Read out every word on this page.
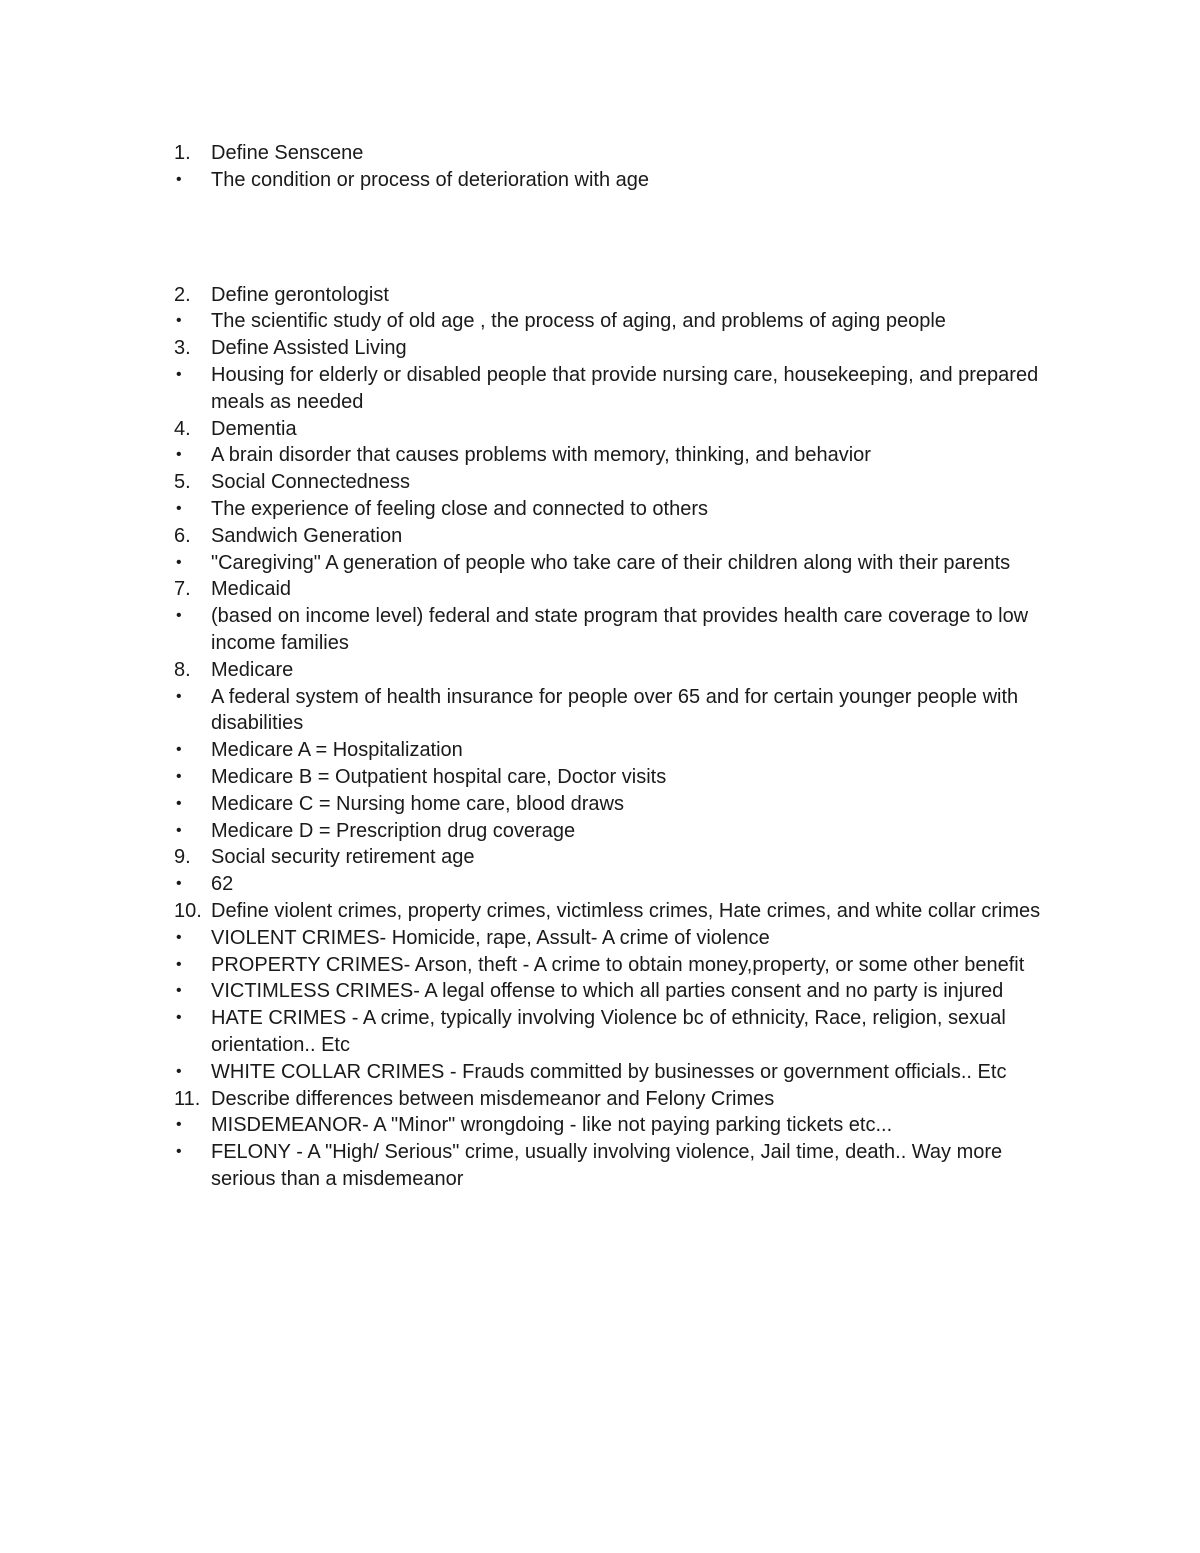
1.	Define Senscene
•	The condition or process of deterioration with age
2.	Define gerontologist
•	The scientific study of old age , the process of aging, and problems of aging people
3.	Define Assisted Living
•	Housing for elderly or disabled people that provide nursing care, housekeeping, and prepared meals as needed
4.	Dementia
•	A brain disorder that causes problems with memory, thinking, and behavior
5.	Social Connectedness
•	The experience of feeling close and connected to others
6.	Sandwich Generation
•	"Caregiving" A generation of people who take care of their children along with their parents
7.	Medicaid
•	(based on income level) federal and state program that provides health care coverage to low income families
8.	Medicare
•	A federal system of health insurance for people over 65 and for certain younger people with disabilities
•	Medicare A = Hospitalization
•	Medicare B = Outpatient hospital care, Doctor visits
•	Medicare C = Nursing home care, blood draws
•	Medicare D = Prescription drug coverage
9.	Social security retirement age
•	62
10. Define violent crimes, property crimes, victimless crimes, Hate crimes, and white collar crimes
•	VIOLENT CRIMES- Homicide, rape, Assult- A crime of violence
•	PROPERTY CRIMES- Arson, theft - A crime to obtain money,property, or some other benefit
•	VICTIMLESS CRIMES- A legal offense to which all parties consent and no party is injured
•	HATE CRIMES - A crime, typically involving Violence bc of ethnicity, Race, religion, sexual orientation.. Etc
•	WHITE COLLAR CRIMES - Frauds committed by businesses or government officials.. Etc
11. Describe differences between misdemeanor and Felony Crimes
•	MISDEMEANOR- A "Minor" wrongdoing - like not paying parking tickets etc...
•	FELONY - A "High/ Serious" crime, usually involving violence, Jail time, death.. Way more serious than a misdemeanor
